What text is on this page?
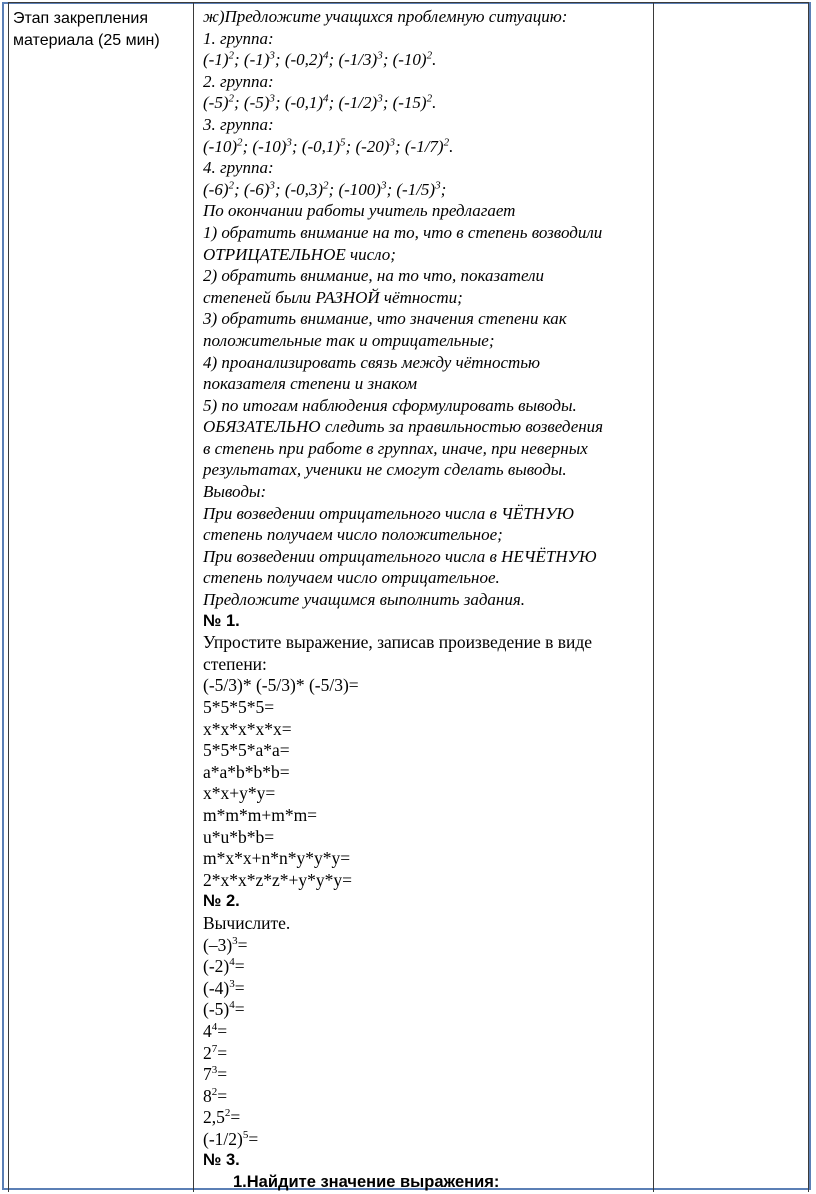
Этап закрепления материала (25 мин)
ж)Предложите учащихся проблемную ситуацию:
1. группа:
$(-1)^2$; $(-1)^3$; $(-0,2)^4$; $(-1/3)^3$; $(-10)^2$.
2. группа:
$(-5)^2$; $(-5)^3$; $(-0,1)^4$; $(-1/2)^3$; $(-15)^2$.
3. группа:
$(-10)^2$; $(-10)^3$; $(-0,1)^5$; $(-20)^3$; $(-1/7)^2$.
4. группа:
$(-6)^2$; $(-6)^3$; $(-0,3)^2$; $(-100)^3$; $(-1/5)^3$;
По окончании работы учитель предлагает
1) обратить внимание на то, что в степень возводили
ОТРИЦАТЕЛЬНОЕ число;
2) обратить внимание, на то что, показатели
степеней были РАЗНОЙ чётности;
3) обратить внимание, что значения степени как
положительные так и отрицательные;
4) проанализировать связь между чётностью
показателя степени и знаком
5) по итогам наблюдения сформулировать выводы.
ОБЯЗАТЕЛЬНО следить за правильностью возведения
в степень при работе в группах, иначе, при неверных
результатах, ученики не смогут сделать выводы.
Выводы:
При возведении отрицательного числа в ЧЁТНУЮ
степень получаем число положительное;
При возведении отрицательного числа в НЕЧЁТНУЮ
степень получаем число отрицательное.
Предложите учащимся выполнить задания.
№ 1.
Упростите выражение, записав произведение в виде
степени:
(-5/3)* (-5/3)* (-5/3)=
5*5*5*5=
x*x*x*x*x=
5*5*5*a*a=
a*a*b*b*b=
x*x+y*y=
m*m*m+m*m=
u*u*b*b=
m*x*x+n*n*y*y*y=
2*x*x*z*z*+y*y*y=
№ 2.
Вычислите.
$(-3)^3=$
$(-2)^4=$
$(-4)^3=$
$(-5)^4=$
$4^4=$
$2^7=$
$7^3=$
$8^2=$
$2,5^2=$
$(-1/2)^5=$
№ 3.
1.Найдите значение выражения:
